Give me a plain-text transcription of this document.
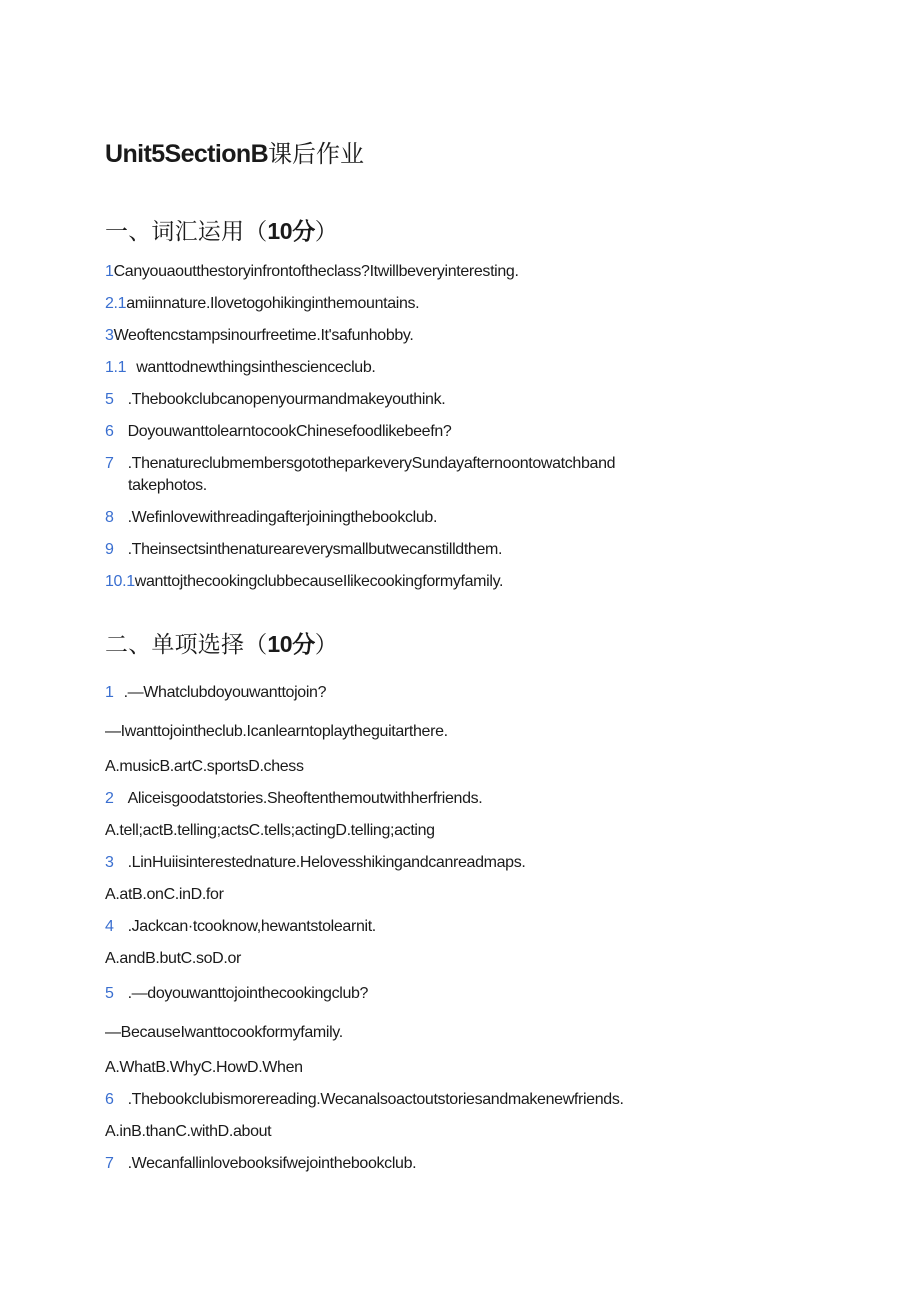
Unit5SectionB课后作业
一、词汇运用（10分）
1Canyouaoutthestoryinfrontoftheclass?Itwillbeveryinteresting.
2.1amiinnature.Ilovetogohikinginthemountains.
3Weoftencstampsinourfreetime.It'safunhobby.
1.1 wanttodnewthingsinthescienceclub.
5 .Thebookclubcanopenyourmandmakeyouthink.
6 DoyouwanttolearntocookChinesefoodlikebeefn?
7 .ThenatureclubmembersgototheparkeverySundayafternoontowatchband
takephotos.
8 .Wefinlovewithreadingafterjoiningthebookclub.
9 .Theinsectsinthenatureareverysmallbutwecanstilldthem.
10.1wanttojthecookingclubbecauseIlikecookingformyfamily.
二、单项选择（10分）
1 .—Whatclubdoyouwanttojoin?
—Iwanttojointheclub.Icanlearntoplaytheguitarthere.
A.musicB.artC.sportsD.chess
2 Aliceisgoodatstories.Sheoftenthemoutwithherfriends.
A.tell;actB.telling;actsC.tells;actingD.telling;acting
3 .LinHuiisinterestednature.Helovesshikingandcanreadmaps.
A.atB.onC.inD.for
4 .Jackcan·tcooknow,hewantstolearnit.
A.andB.butC.soD.or
5 .—doyouwanttojointhecookingclub?
—BecauseIwanttocookformyfamily.
A.WhatB.WhyC.HowD.When
6 .Thebookclubismorereading.Wecanalsoactoutstoriesandmakenewfriends.
A.inB.thanC.withD.about
7 .Wecanfallinlovebooksifwejointhebookclub.
